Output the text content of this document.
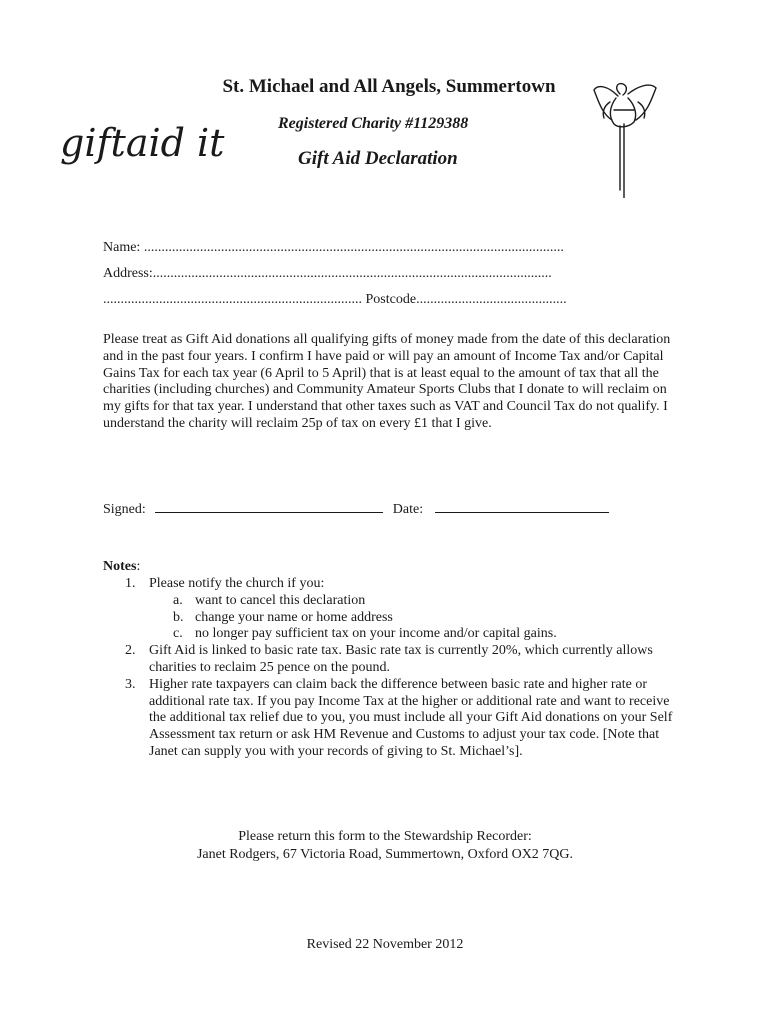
St. Michael and All Angels, Summertown
giftaid it	Registered Charity #1129388
Gift Aid Declaration
Name: ........................................................................................................................
Address:..................................................................................................................
.......................................................................... Postcode...........................................
Please treat as Gift Aid donations all qualifying gifts of money made from the date of this declaration and in the past four years. I confirm I have paid or will pay an amount of Income Tax and/or Capital Gains Tax for each tax year (6 April to 5 April) that is at least equal to the amount of tax that all the charities (including churches) and Community Amateur Sports Clubs that I donate to will reclaim on my gifts for that tax year. I understand that other taxes such as VAT and Council Tax do not qualify. I understand the charity will reclaim 25p of tax on every £1 that I give.
Signed:	Date:
Notes:
1. Please notify the church if you:
a. want to cancel this declaration
b. change your name or home address
c. no longer pay sufficient tax on your income and/or capital gains.
2. Gift Aid is linked to basic rate tax. Basic rate tax is currently 20%, which currently allows charities to reclaim 25 pence on the pound.
3. Higher rate taxpayers can claim back the difference between basic rate and higher rate or additional rate tax. If you pay Income Tax at the higher or additional rate and want to receive the additional tax relief due to you, you must include all your Gift Aid donations on your Self Assessment tax return or ask HM Revenue and Customs to adjust your tax code. [Note that Janet can supply you with your records of giving to St. Michael’s].
Please return this form to the Stewardship Recorder:
Janet Rodgers, 67 Victoria Road, Summertown, Oxford OX2 7QG.
Revised 22 November 2012
